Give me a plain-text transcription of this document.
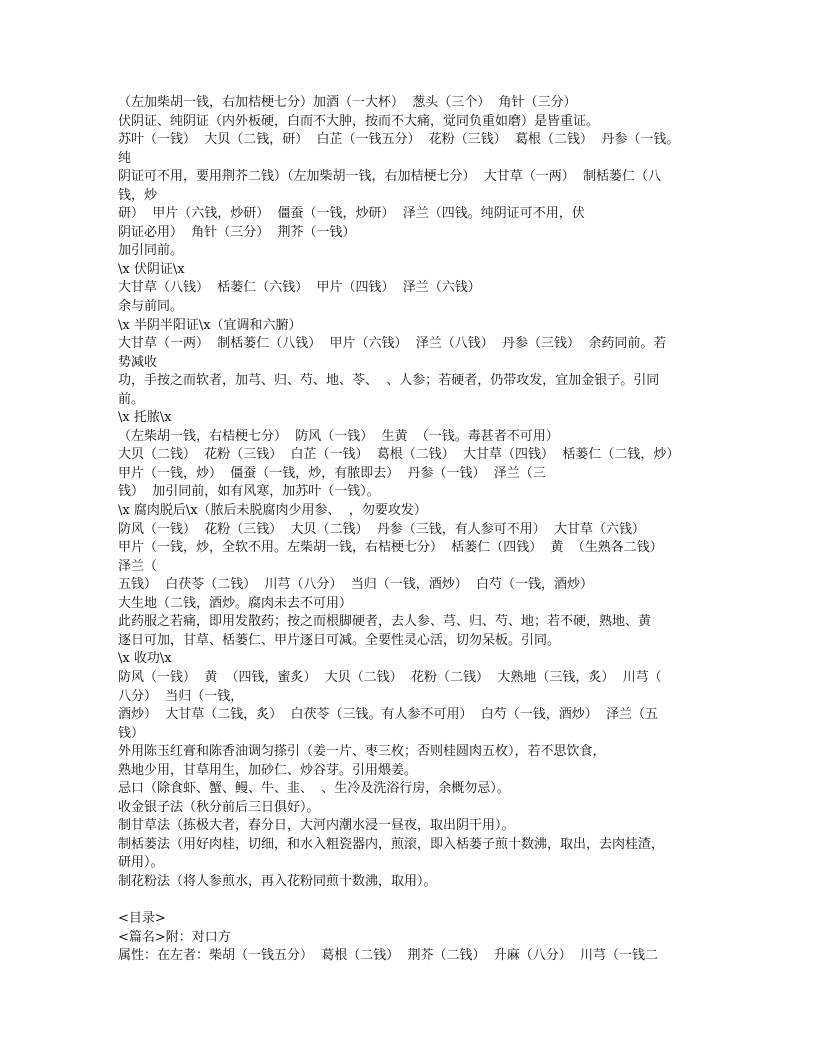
（左加柴胡一钱，右加桔梗七分）加酒（一大杯）  葱头（三个）  角针（三分）
伏阴证、纯阴证（内外板硬，白而不大肿，按而不大痛，觉同负重如磨）是皆重证。
苏叶（一钱）  大贝（二钱，研）  白芷（一钱五分）  花粉（三钱）  葛根（二钱）  丹参（一钱。
纯
阴证可不用，要用荆芥二钱）（左加柴胡一钱，右加桔梗七分）  大甘草（一两）  制栝蒌仁（八
钱，炒
研）  甲片（六钱，炒研）  僵蚕（一钱，炒研）  泽兰（四钱。纯阴证可不用，伏
阴证必用）  角针（三分）  荆芥（一钱）
加引同前。
\x 伏阴证\x
大甘草（八钱）  栝蒌仁（六钱）  甲片（四钱）  泽兰（六钱）
余与前同。
\x 半阴半阳证\x（宜调和六腑）
大甘草（一两）  制栝蒌仁（八钱）  甲片（六钱）  泽兰（八钱）  丹参（三钱）  余药同前。若
势减收
功，手按之而软者，加芎、归、芍、地、苓、  、人参；若硬者，仍带攻发，宜加金银子。引同
前。
\x 托脓\x
（左柴胡一钱，右桔梗七分）  防风（一钱）  生黄  （一钱。毒甚者不可用）
大贝（二钱）  花粉（三钱）  白芷（一钱）  葛根（二钱）  大甘草（四钱）  栝蒌仁（二钱，炒）
甲片（一钱，炒）  僵蚕（一钱，炒，有脓即去）  丹参（一钱）  泽兰（三
钱）  加引同前，如有风寒，加苏叶（一钱）。
\x 腐肉脱后\x（脓后未脱腐肉少用参、  ，勿要攻发）
防风（一钱）  花粉（三钱）  大贝（二钱）  丹参（三钱，有人参可不用）  大甘草（六钱）
甲片（一钱，炒，全软不用。左柴胡一钱，右桔梗七分）  栝蒌仁（四钱）  黄  （生熟各二钱）
泽兰（
五钱）  白茯苓（二钱）  川芎（八分）  当归（一钱，酒炒）  白芍（一钱，酒炒）
大生地（二钱，酒炒。腐肉未去不可用）
此药服之若痛，即用发散药；按之而根脚硬者，去人参、芎、归、芍、地；若不硬，熟地、黄
逐日可加，甘草、栝蒌仁、甲片逐日可减。全要性灵心活，切勿呆板。引同。
\x 收功\x
防风（一钱）  黄  （四钱，蜜炙）  大贝（二钱）  花粉（二钱）  大熟地（三钱，炙）  川芎（
八分）  当归（一钱，
酒炒）  大甘草（二钱，炙）  白茯苓（三钱。有人参不可用）  白芍（一钱，酒炒）  泽兰（五
钱）
外用陈玉红膏和陈香油调匀搽引（姜一片、枣三枚；否则桂圆肉五枚），若不思饮食，
熟地少用，甘草用生，加砂仁、炒谷芽。引用煨姜。
忌口（除食虾、蟹、鳗、牛、韭、  、生冷及洗浴行房，余概勿忌）。
收金银子法（秋分前后三日俱好）。
制甘草法（拣极大者，春分日，大河内潮水浸一昼夜，取出阴干用）。
制栝蒌法（用好肉桂，切细，和水入粗瓷器内，煎滚，即入栝蒌子煎十数沸，取出，去肉桂渣，
研用）。
制花粉法（将人参煎水，再入花粉同煎十数沸，取用）。
<目录>
<篇名>附：对口方
属性：在左者：柴胡（一钱五分）  葛根（二钱）  荆芥（二钱）  升麻（八分）  川芎（一钱二
